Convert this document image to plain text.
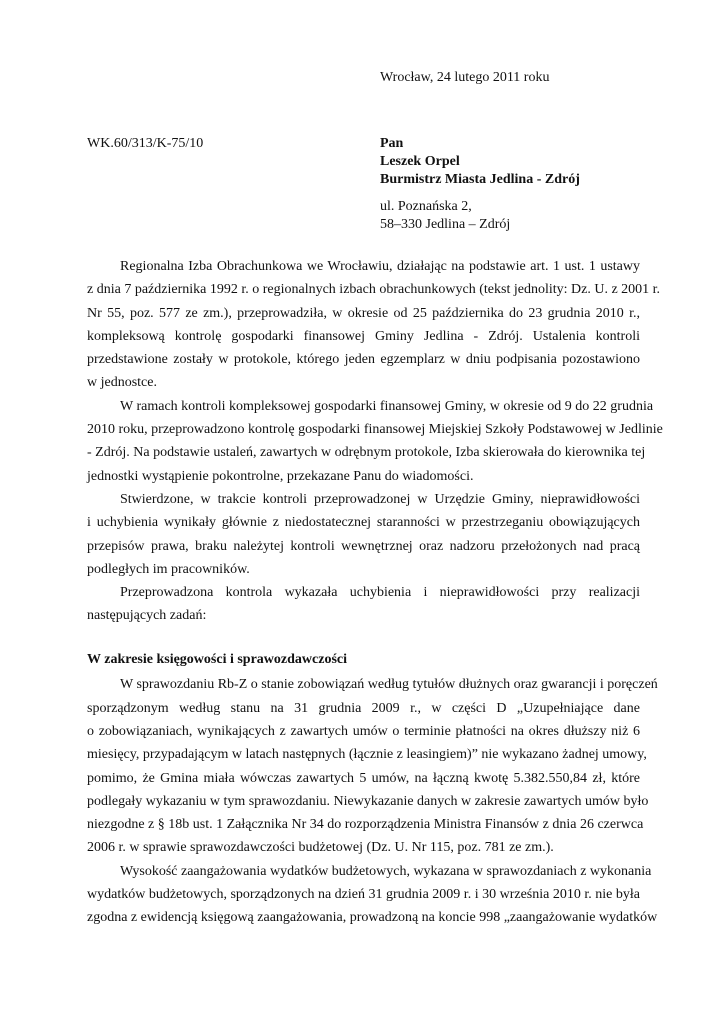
Wrocław, 24 lutego 2011 roku
WK.60/313/K-75/10	Pan
Leszek Orpel
Burmistrz Miasta Jedlina - Zdrój
ul. Poznańska 2,
58–330 Jedlina – Zdrój
Regionalna Izba Obrachunkowa we Wrocławiu, działając na podstawie art. 1 ust. 1 ustawy
z dnia 7 października 1992 r. o regionalnych izbach obrachunkowych (tekst jednolity: Dz. U. z 2001 r.
Nr 55, poz. 577 ze zm.), przeprowadziła, w okresie od 25 października do 23 grudnia 2010 r.,
kompleksową kontrolę gospodarki finansowej Gminy Jedlina - Zdrój. Ustalenia kontroli
przedstawione zostały w protokole, którego jeden egzemplarz w dniu podpisania pozostawiono
w jednostce.
W ramach kontroli kompleksowej gospodarki finansowej Gminy, w okresie od 9 do 22 grudnia
2010 roku, przeprowadzono kontrolę gospodarki finansowej Miejskiej Szkoły Podstawowej w Jedlinie
- Zdrój. Na podstawie ustaleń, zawartych w odrębnym protokole, Izba skierowała do kierownika tej
jednostki wystąpienie pokontrolne, przekazane Panu do wiadomości.
Stwierdzone, w trakcie kontroli przeprowadzonej w Urzędzie Gminy, nieprawidłowości
i uchybienia wynikały głównie z niedostatecznej staranności w przestrzeganiu obowiązujących
przepisów prawa, braku należytej kontroli wewnętrznej oraz nadzoru przełożonych nad pracą
podległych im pracowników.
Przeprowadzona kontrola wykazała uchybienia i nieprawidłowości przy realizacji
następujących zadań:
W zakresie księgowości i sprawozdawczości
W sprawozdaniu Rb-Z o stanie zobowiązań według tytułów dłużnych oraz gwarancji i poręczeń
sporządzonym według stanu na 31 grudnia 2009 r., w części D „Uzupełniające dane
o zobowiązaniach, wynikających z zawartych umów o terminie płatności na okres dłuższy niż 6
miesięcy, przypadającym w latach następnych (łącznie z leasingiem)” nie wykazano żadnej umowy,
pomimo, że Gmina miała wówczas zawartych 5 umów, na łączną kwotę 5.382.550,84 zł, które
podlegały wykazaniu w tym sprawozdaniu. Niewykazanie danych w zakresie zawartych umów było
niezgodne z § 18b ust. 1 Załącznika Nr 34 do rozporządzenia Ministra Finansów z dnia 26 czerwca
2006 r. w sprawie sprawozdawczości budżetowej (Dz. U. Nr 115, poz. 781 ze zm.).
Wysokość zaangażowania wydatków budżetowych, wykazana w sprawozdaniach z wykonania
wydatków budżetowych, sporządzonych na dzień 31 grudnia 2009 r. i 30 września 2010 r. nie była
zgodna z ewidencją księgową zaangażowania, prowadzoną na koncie 998 „zaangażowanie wydatków
